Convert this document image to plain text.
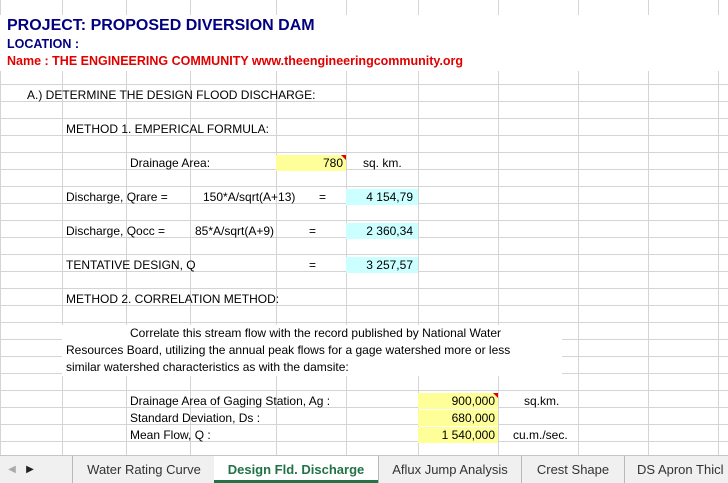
PROJECT: PROPOSED DIVERSION DAM
LOCATION :
Name : THE ENGINEERING COMMUNITY www.theengineeringcommunity.org
A.) DETERMINE THE DESIGN FLOOD DISCHARGE:
METHOD 1. EMPERICAL FORMULA:
Drainage Area:	780 sq. km.
Discharge, Qrare =	150*A/sqrt(A+13) =	4 154,79
Discharge, Qocc = 85*A/sqrt(A+9)	=	2 360,34
TENTATIVE DESIGN, Q	=	3 257,57
METHOD 2. CORRELATION METHOD:
Correlate this stream flow with the record published by National Water
Resources Board, utilizing the annual peak flows for a gage watershed more or less
similar watershed characteristics as with the damsite:
Drainage Area of Gaging Station, Ag :	900,000 sq.km.
Standard Deviation, Ds :	680,000
Mean Flow, Q :	1 540,000 cu.m./sec.
◀	▶	Water Rating Curve	Design Fld. Discharge	Aflux Jump Analysis	Crest Shape	DS Apron Thicl
